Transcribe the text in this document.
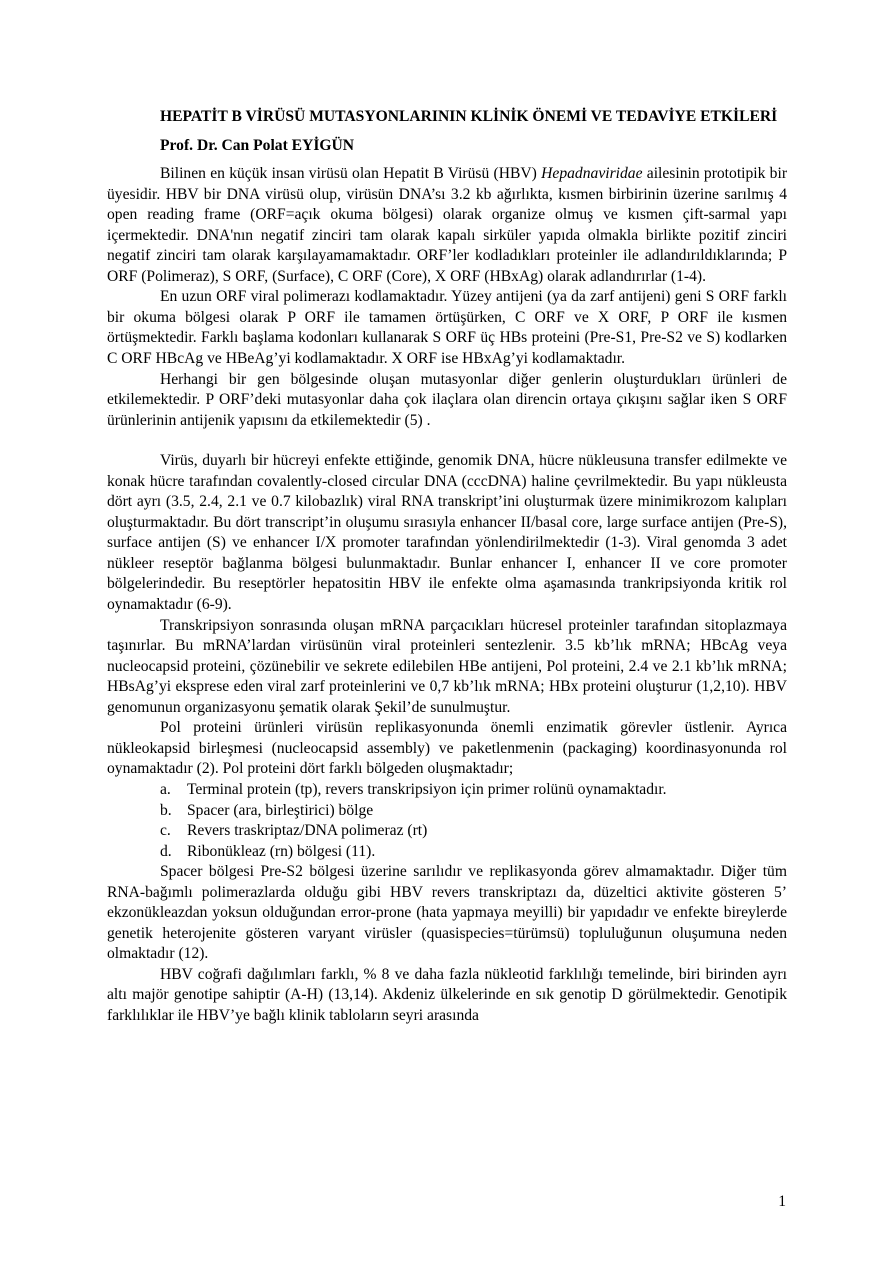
HEPATİT B VİRÜSÜ MUTASYONLARININ KLİNİK ÖNEMİ VE TEDAVİYE ETKİLERİ

Prof. Dr. Can Polat EYİGÜN

Bilinen en küçük insan virüsü olan Hepatit B Virüsü (HBV) Hepadnaviridae ailesinin prototipik bir üyesidir. HBV bir DNA virüsü olup, virüsün DNA’sı 3.2 kb ağırlıkta, kısmen birbirinin üzerine sarılmış 4 open reading frame (ORF=açık okuma bölgesi) olarak organize olmuş ve kısmen çift-sarmal yapı içermektedir. DNA'nın negatif zinciri tam olarak kapalı sirküler yapıda olmakla birlikte pozitif zinciri negatif zinciri tam olarak karşılayamamaktadır. ORF’ler kodladıkları proteinler ile adlandırıldıklarında; P ORF (Polimeraz), S ORF, (Surface), C ORF (Core), X ORF (HBxAg) olarak adlandırırlar (1-4).

En uzun ORF viral polimerazı kodlamaktadır. Yüzey antijeni (ya da zarf antijeni) geni S ORF farklı bir okuma bölgesi olarak P ORF ile tamamen örtüşürken, C ORF ve X ORF, P ORF ile kısmen örtüşmektedir. Farklı başlama kodonları kullanarak S ORF üç HBs proteini (Pre-S1, Pre-S2 ve S) kodlarken C ORF HBcAg ve HBeAg’yi kodlamaktadır. X ORF ise HBxAg’yi kodlamaktadır.

Herhangi bir gen bölgesinde oluşan mutasyonlar diğer genlerin oluşturdukları ürünleri de etkilemektedir. P ORF’deki mutasyonlar daha çok ilaçlara olan direncin ortaya çıkışını sağlar iken S ORF ürünlerinin antijenik yapısını da etkilemektedir (5) .

Virüs, duyarlı bir hücreyi enfekte ettiğinde, genomik DNA, hücre nükleusuna transfer edilmekte ve konak hücre tarafından covalently-closed circular DNA (cccDNA) haline çevrilmektedir. Bu yapı nükleusta dört ayrı (3.5, 2.4, 2.1 ve 0.7 kilobazlık) viral RNA transkript’ini oluşturmak üzere minimikrozom kalıpları oluşturmaktadır. Bu dört transcript’in oluşumu sırasıyla enhancer II/basal core, large surface antijen (Pre-S), surface antijen (S) ve enhancer I/X promoter tarafından yönlendirilmektedir (1-3). Viral genomda 3 adet nükleer reseptör bağlanma bölgesi bulunmaktadır. Bunlar enhancer I, enhancer II ve core promoter bölgelerindedir. Bu reseptörler hepatositin HBV ile enfekte olma aşamasında trankripsiyonda kritik rol oynamaktadır (6-9).

Transkripsiyon sonrasında oluşan mRNA parçacıkları hücresel proteinler tarafından sitoplazmaya taşınırlar. Bu mRNA’lardan virüsünün viral proteinleri sentezlenir. 3.5 kb’lık mRNA; HBcAg veya nucleocapsid proteini, çözünebilir ve sekrete edilebilen HBe antijeni, Pol proteini, 2.4 ve 2.1 kb’lık mRNA; HBsAg’yi eksprese eden viral zarf proteinlerini ve 0,7 kb’lık mRNA; HBx proteini oluşturur (1,2,10). HBV genomunun organizasyonu şematik olarak Şekil’de sunulmuştur.

Pol proteini ürünleri virüsün replikasyonunda önemli enzimatik görevler üstlenir. Ayrıca nükleokapsid birleşmesi (nucleocapsid assembly) ve paketlenmenin (packaging) koordinasyonunda rol oynamaktadır (2). Pol proteini dört farklı bölgeden oluşmaktadır;

a. Terminal protein (tp), revers transkripsiyon için primer rolünü oynamaktadır.
b. Spacer (ara, birleştirici) bölge
c. Revers traskriptaz/DNA polimeraz (rt)
d. Ribonükleaz (rn) bölgesi (11).

Spacer bölgesi Pre-S2 bölgesi üzerine sarılıdır ve replikasyonda görev almamaktadır. Diğer tüm RNA-bağımlı polimerazlarda olduğu gibi HBV revers transkriptazı da, düzeltici aktivite gösteren 5’ ekzonükleazdan yoksun olduğundan error-prone (hata yapmaya meyilli) bir yapıdadır ve enfekte bireylerde genetik heterojenite gösteren varyant virüsler (quasispecies=türümsü) topluluğunun oluşumuna neden olmaktadır (12).

HBV coğrafi dağılımları farklı, % 8 ve daha fazla nükleotid farklılığı temelinde, biri birinden ayrı altı majör genotipe sahiptir (A-H) (13,14). Akdeniz ülkelerinde en sık genotip D görülmektedir. Genotipik farklılıklar ile HBV’ye bağlı klinik tabloların seyri arasında

1
